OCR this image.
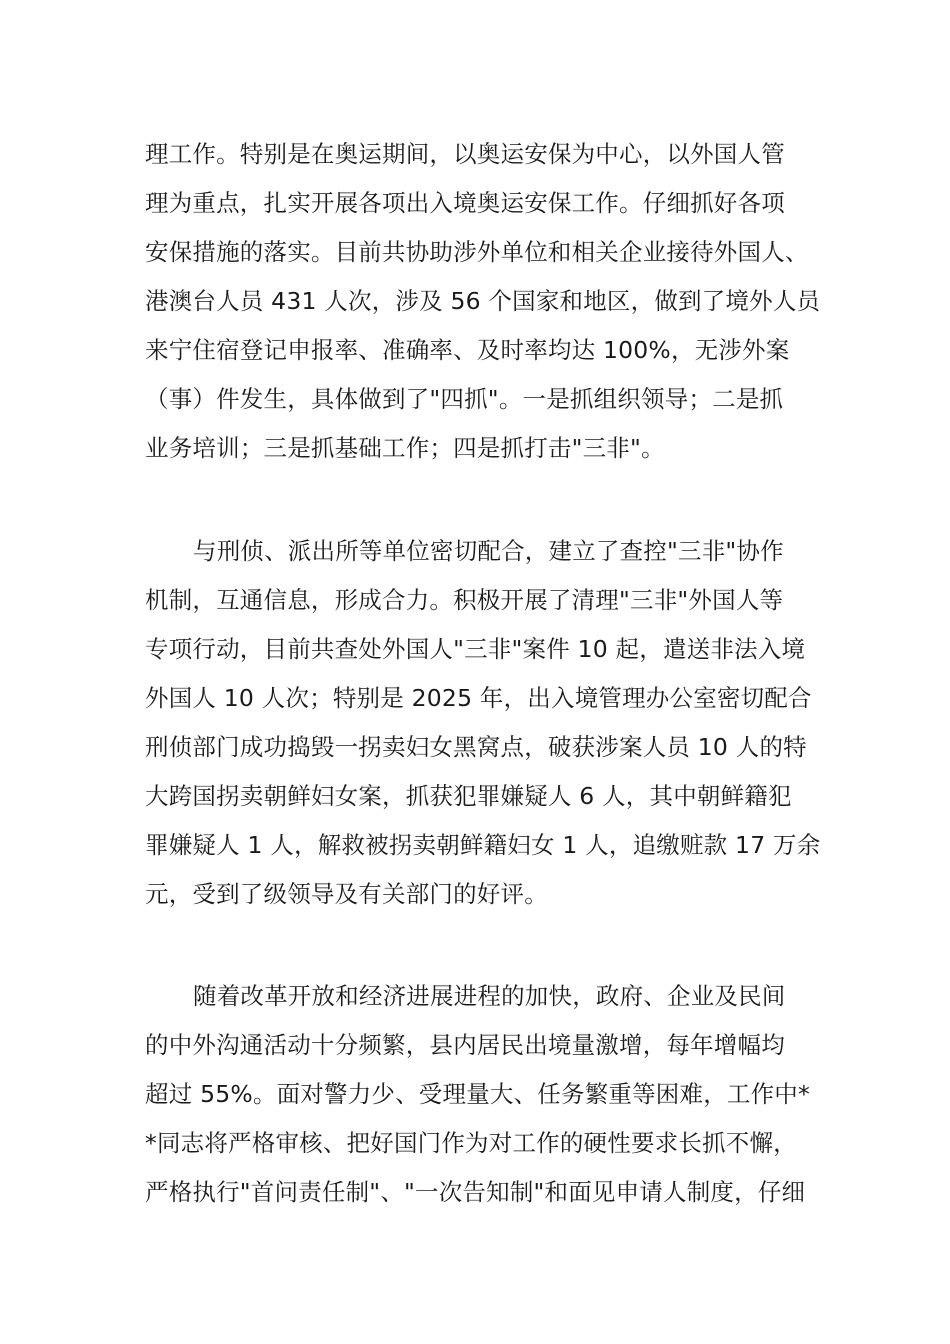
理工作。特别是在奥运期间，以奥运安保为中心，以外国人管
理为重点，扎实开展各项出入境奥运安保工作。仔细抓好各项
安保措施的落实。目前共协助涉外单位和相关企业接待外国人、
港澳台人员 431 人次，涉及 56 个国家和地区，做到了境外人员
来宁住宿登记申报率、准确率、及时率均达 100%，无涉外案
（事）件发生，具体做到了"四抓"。一是抓组织领导；二是抓
业务培训；三是抓基础工作；四是抓打击"三非"。
与刑侦、派出所等单位密切配合，建立了查控"三非"协作
机制，互通信息，形成合力。积极开展了清理"三非"外国人等
专项行动，目前共查处外国人"三非"案件 10 起，遣送非法入境
外国人 10 人次；特别是 2025 年，出入境管理办公室密切配合
刑侦部门成功捣毁一拐卖妇女黑窝点，破获涉案人员 10 人的特
大跨国拐卖朝鲜妇女案，抓获犯罪嫌疑人 6 人，其中朝鲜籍犯
罪嫌疑人 1 人，解救被拐卖朝鲜籍妇女 1 人，追缴赃款 17 万余
元，受到了级领导及有关部门的好评。
随着改革开放和经济进展进程的加快，政府、企业及民间
的中外沟通活动十分频繁，县内居民出境量激增，每年增幅均
超过 55%。面对警力少、受理量大、任务繁重等困难，工作中*
*同志将严格审核、把好国门作为对工作的硬性要求长抓不懈，
严格执行"首问责任制"、"一次告知制"和面见申请人制度，仔细
